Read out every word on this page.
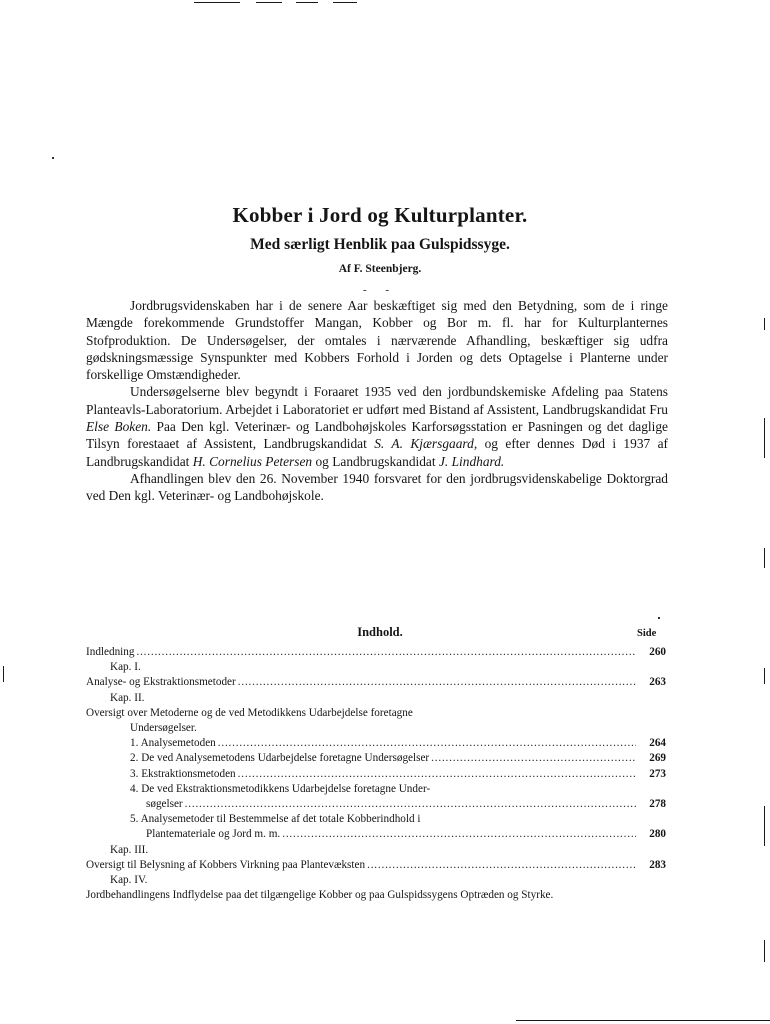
Kobber i Jord og Kulturplanter.
Med særligt Henblik paa Gulspidssyge.
Af F. Steenbjerg.
- -

Jordbrugsvidenskaben har i de senere Aar beskæftiget sig med den Betydning, som de i ringe Mængde forekommende Grundstoffer Mangan, Kobber og Bor m. fl. har for Kulturplanternes Stofproduktion. De Undersøgelser, der omtales i nærværende Afhandling, beskæftiger sig udfra gødskningsmæssige Synspunkter med Kobbers Forhold i Jorden og dets Optagelse i Planterne under forskellige Omstændigheder.

Undersøgelserne blev begyndt i Foraaret 1935 ved den jordbundskemiske Afdeling paa Statens Planteavls-Laboratorium. Arbejdet i Laboratoriet er udført med Bistand af Assistent, Landbrugskandidat Fru Else Boken. Paa Den kgl. Veterinær- og Landbohøjskoles Karforsøgsstation er Pasningen og det daglige Tilsyn forestaaet af Assistent, Landbrugskandidat S. A. Kjærsgaard, og efter dennes Død i 1937 af Landbrugskandidat H. Cornelius Petersen og Landbrugskandidat J. Lindhard.

Afhandlingen blev den 26. November 1940 forsvaret for den jordbrugsvidenskabelige Doktorgrad ved Den kgl. Veterinær- og Landbohøjskole.

Indhold.	Side
Indledning . . .	260
Kap. I.
Analyse- og Ekstraktionsmetoder . . .	263
Kap. II.
Oversigt over Metoderne og de ved Metodikkens Udarbejdelse foretagne
Undersøgelser.
1. Analysemetoden . . .	264
2. De ved Analysemetodens Udarbejdelse foretagne Undersøgelser . . .	269
3. Ekstraktionsmetoden . . .	273
4. De ved Ekstraktionsmetodikkens Udarbejdelse foretagne Under-
søgelser . . .	278
5. Analysemetoder til Bestemmelse af det totale Kobberindhold i
Plantemateriale og Jord m. m. . . .	280
Kap. III.
Oversigt til Belysning af Kobbers Virkning paa Plantevæksten . . .	283
Kap. IV.
Jordbehandlingens Indflydelse paa det tilgængelige Kobber og paa Gulspidssygens Optræden og Styrke.
